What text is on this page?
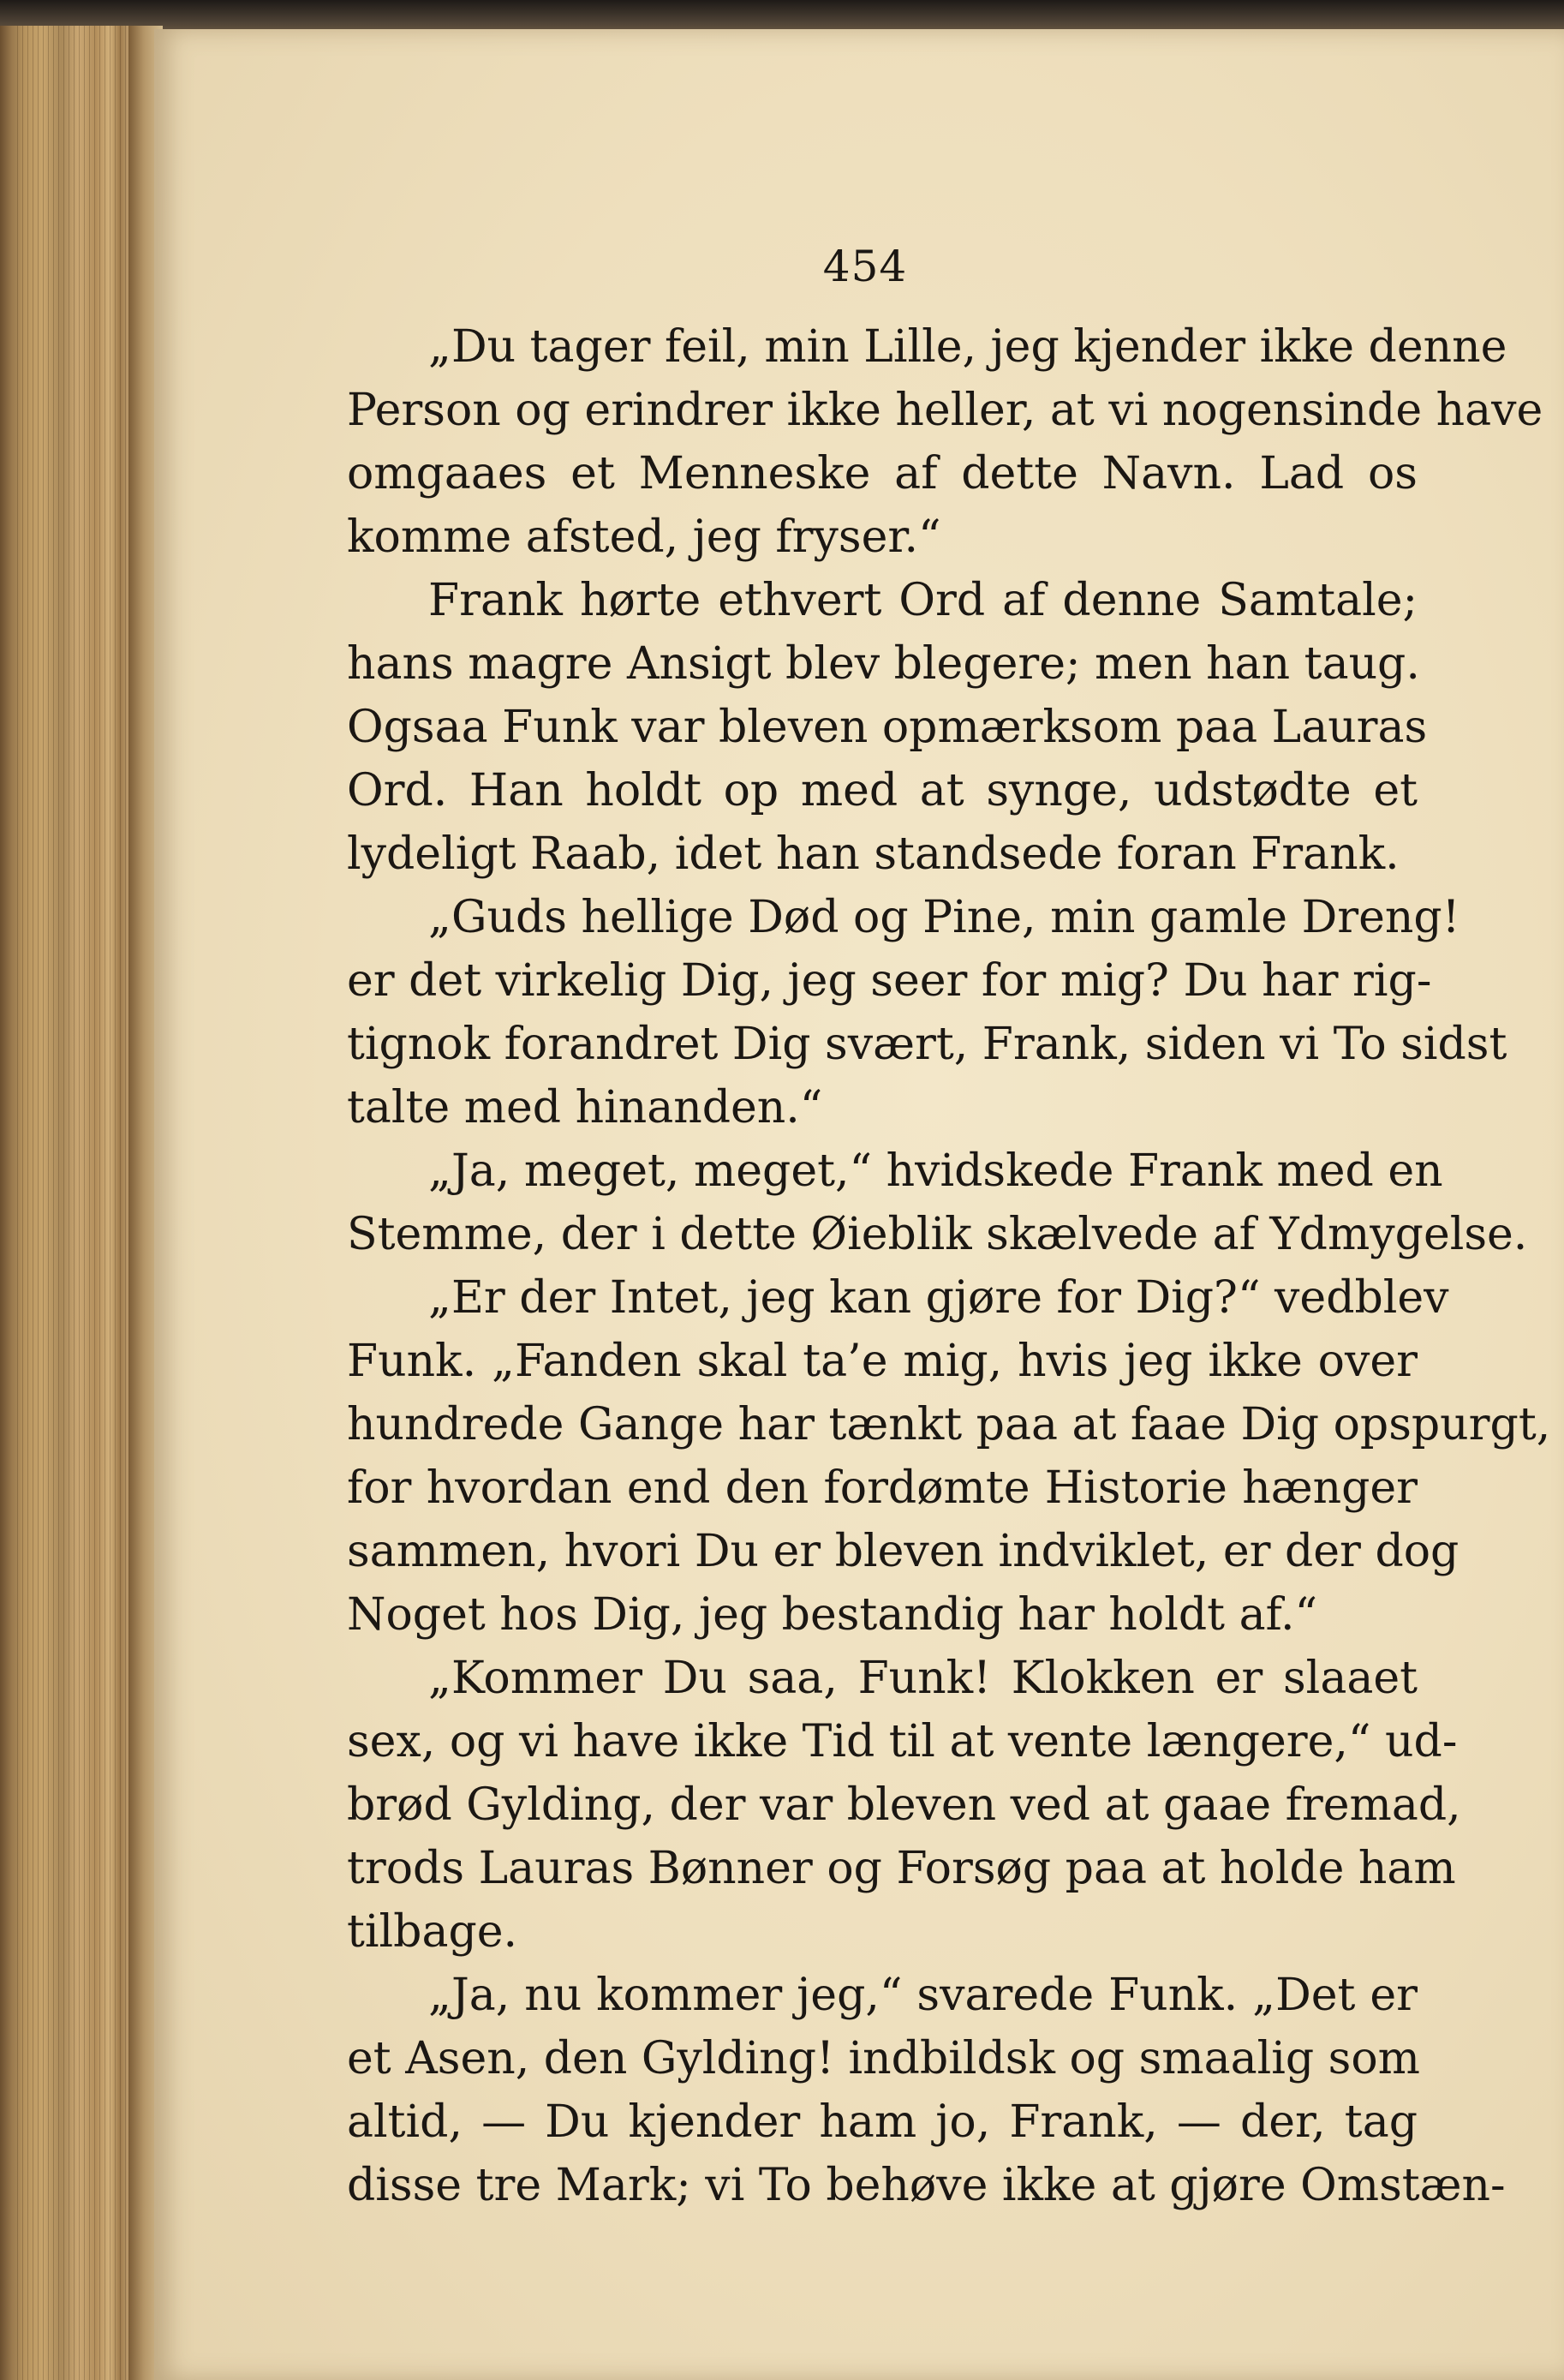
454
„Du tager feil, min Lille, jeg kjender ikke denne
Person og erindrer ikke heller, at vi nogensinde have
omgaaes et Menneske af dette Navn. Lad os
komme afsted, jeg fryser.“
Frank hørte ethvert Ord af denne Samtale;
hans magre Ansigt blev blegere; men han taug.
Ogsaa Funk var bleven opmærksom paa Lauras
Ord. Han holdt op med at synge, udstødte et
lydeligt Raab, idet han standsede foran Frank.
„Guds hellige Død og Pine, min gamle Dreng!
er det virkelig Dig, jeg seer for mig? Du har rig-
tignok forandret Dig svært, Frank, siden vi To sidst
talte med hinanden.“
„Ja, meget, meget,“ hvidskede Frank med en
Stemme, der i dette Øieblik skælvede af Ydmygelse.
„Er der Intet, jeg kan gjøre for Dig?“ vedblev
Funk. „Fanden skal ta’e mig, hvis jeg ikke over
hundrede Gange har tænkt paa at faae Dig opspurgt,
for hvordan end den fordømte Historie hænger
sammen, hvori Du er bleven indviklet, er der dog
Noget hos Dig, jeg bestandig har holdt af.“
„Kommer Du saa, Funk! Klokken er slaaet
sex, og vi have ikke Tid til at vente længere,“ ud-
brød Gylding, der var bleven ved at gaae fremad,
trods Lauras Bønner og Forsøg paa at holde ham
tilbage.
„Ja, nu kommer jeg,“ svarede Funk. „Det er
et Asen, den Gylding! indbildsk og smaalig som
altid, — Du kjender ham jo, Frank, — der, tag
disse tre Mark; vi To behøve ikke at gjøre Omstæn-
